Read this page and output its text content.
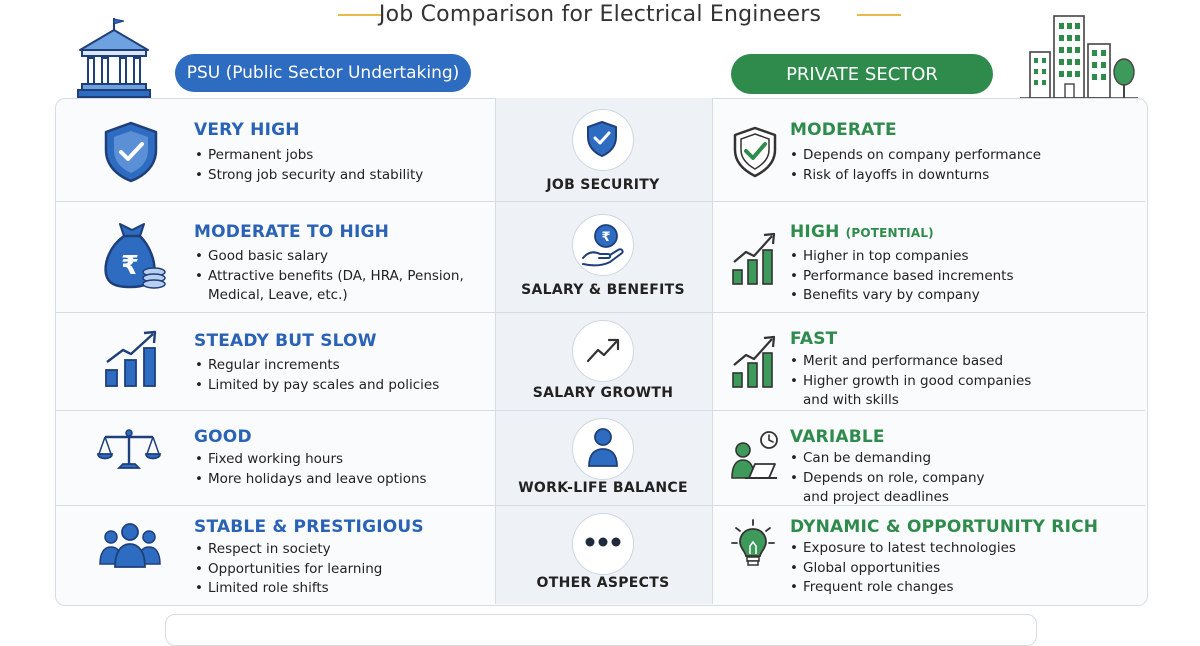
Job Comparison for Electrical Engineers
PSU (Public Sector Undertaking)	PRIVATE SECTOR
VERY HIGH
• Permanent jobs
• Strong job security and stability
JOB SECURITY
MODERATE
• Depends on company performance
• Risk of layoffs in downturns
₹
MODERATE TO HIGH
• Good basic salary
• Attractive benefits (DA, HRA, Pension,
Medical, Leave, etc.)
₹
SALARY & BENEFITS
HIGH (POTENTIAL)
• Higher in top companies
• Performance based increments
• Benefits vary by company
STEADY BUT SLOW
• Regular increments
• Limited by pay scales and policies
SALARY GROWTH
FAST
• Merit and performance based
• Higher growth in good companies
and with skills
GOOD
• Fixed working hours
• More holidays and leave options
WORK-LIFE BALANCE
VARIABLE
• Can be demanding
• Depends on role, company
and project deadlines
STABLE & PRESTIGIOUS
• Respect in society
• Opportunities for learning
• Limited role shifts	OTHER ASPECTS
DYNAMIC & OPPORTUNITY RICH
• Exposure to latest technologies
• Global opportunities
• Frequent role changes
